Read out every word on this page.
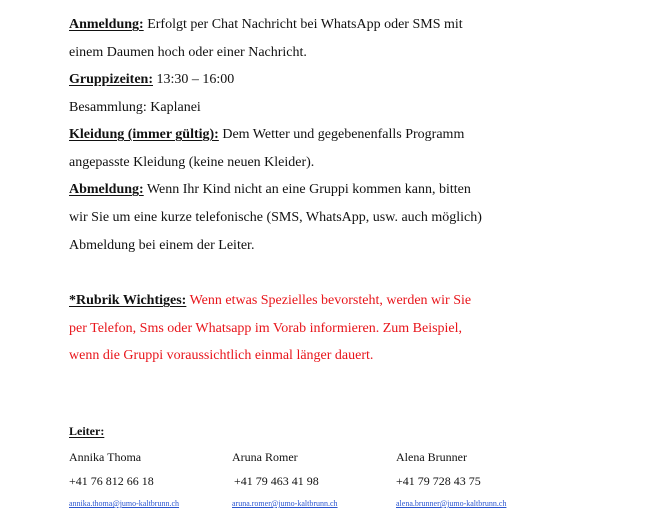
Anmeldung: Erfolgt per Chat Nachricht bei WhatsApp oder SMS mit
einem Daumen hoch oder einer Nachricht.
Gruppizeiten: 13:30 – 16:00
Besammlung: Kaplanei
Kleidung (immer gültig): Dem Wetter und gegebenenfalls Programm
angepasste Kleidung (keine neuen Kleider).
Abmeldung: Wenn Ihr Kind nicht an eine Gruppi kommen kann, bitten
wir Sie um eine kurze telefonische (SMS, WhatsApp, usw. auch möglich)
Abmeldung bei einem der Leiter.
*Rubrik Wichtiges: Wenn etwas Spezielles bevorsteht, werden wir Sie
per Telefon, Sms oder Whatsapp im Vorab informieren. Zum Beispiel,
wenn die Gruppi voraussichtlich einmal länger dauert.
Leiter:
Annika Thoma
+41 76 812 66 18
annika.thoma@jumo-kaltbrunn.ch
Aruna Romer
+41 79 463 41 98
aruna.romer@jumo-kaltbrunn.ch
Alena Brunner
+41 79 728 43 75
alena.brunner@jumo-kaltbrunn.ch
